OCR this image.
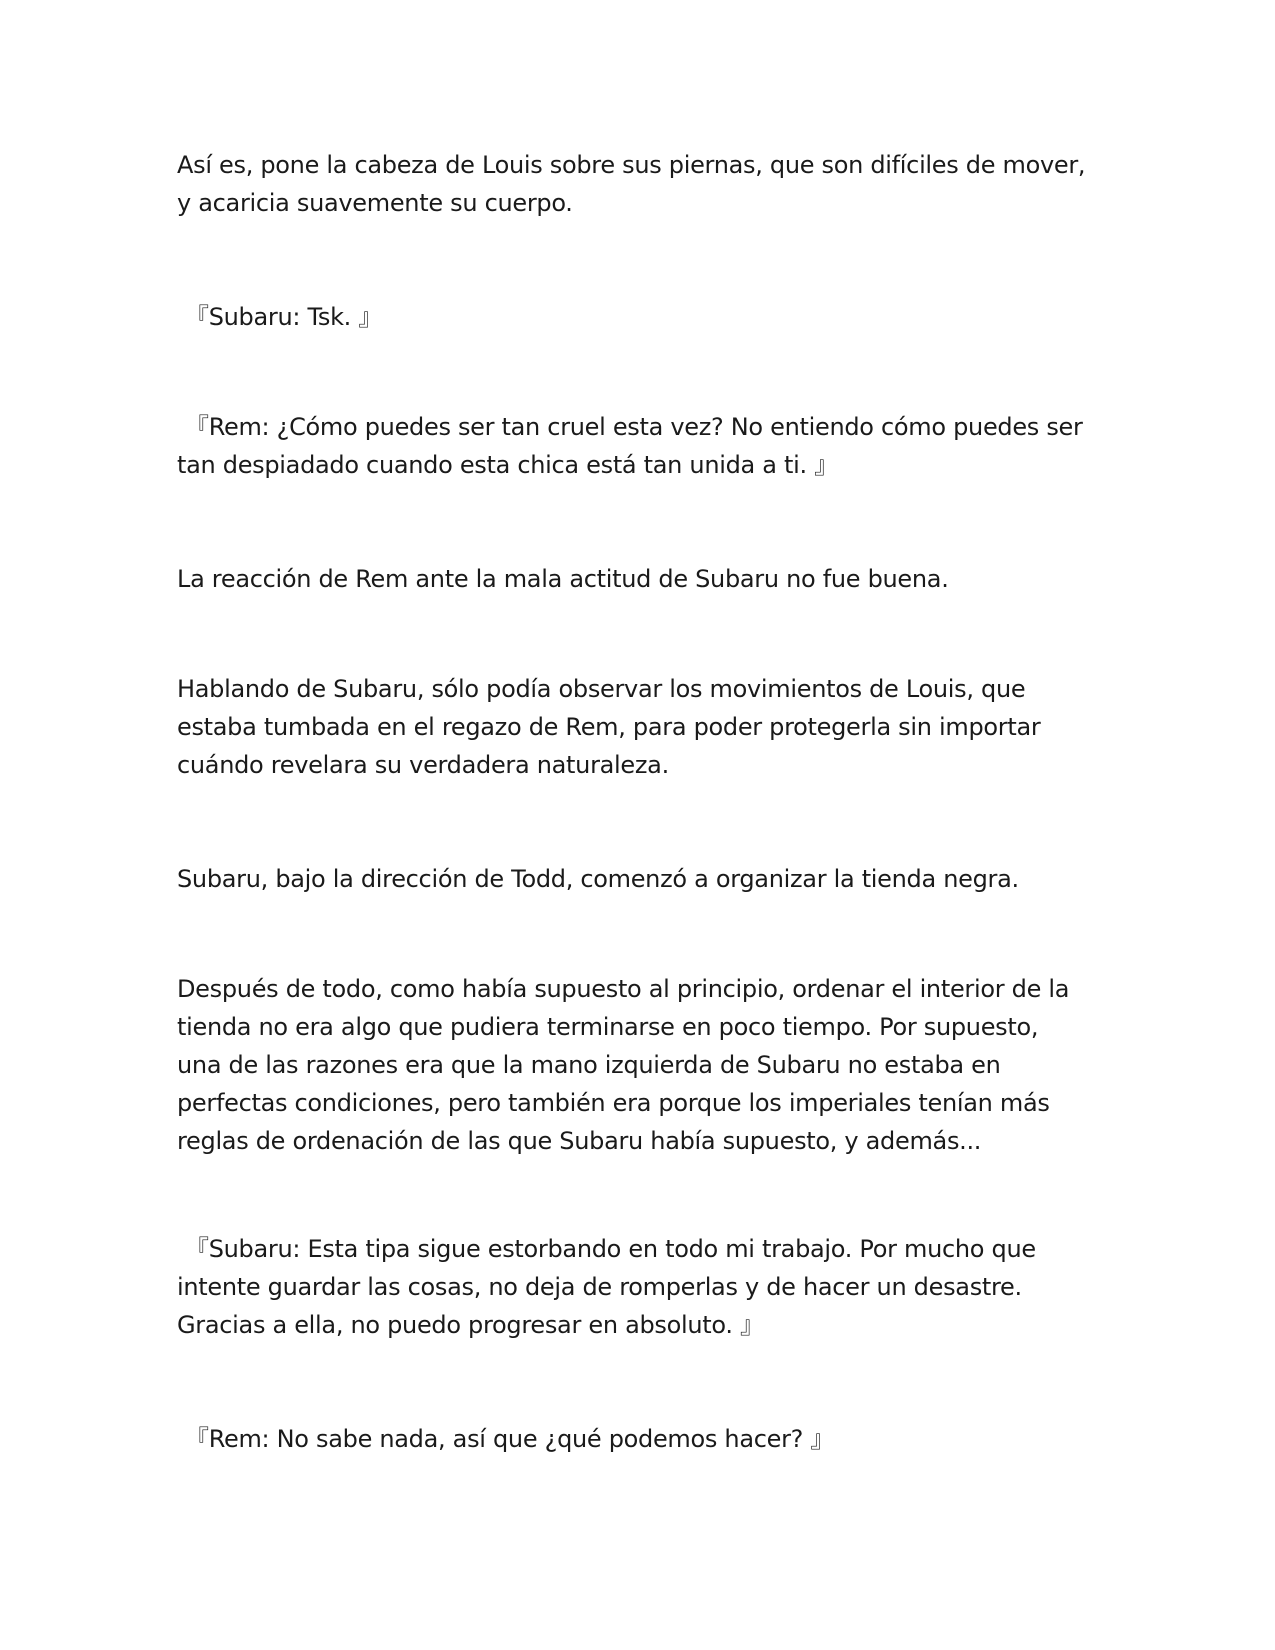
Así es, pone la cabeza de Louis sobre sus piernas, que son difíciles de mover,
y acaricia suavemente su cuerpo.

『Subaru: Tsk. 』

『Rem: ¿Cómo puedes ser tan cruel esta vez? No entiendo cómo puedes ser
tan despiadado cuando esta chica está tan unida a ti. 』

La reacción de Rem ante la mala actitud de Subaru no fue buena.

Hablando de Subaru, sólo podía observar los movimientos de Louis, que
estaba tumbada en el regazo de Rem, para poder protegerla sin importar
cuándo revelara su verdadera naturaleza.

Subaru, bajo la dirección de Todd, comenzó a organizar la tienda negra.

Después de todo, como había supuesto al principio, ordenar el interior de la
tienda no era algo que pudiera terminarse en poco tiempo. Por supuesto,
una de las razones era que la mano izquierda de Subaru no estaba en
perfectas condiciones, pero también era porque los imperiales tenían más
reglas de ordenación de las que Subaru había supuesto, y además...

『Subaru: Esta tipa sigue estorbando en todo mi trabajo. Por mucho que
intente guardar las cosas, no deja de romperlas y de hacer un desastre.
Gracias a ella, no puedo progresar en absoluto. 』

『Rem: No sabe nada, así que ¿qué podemos hacer? 』
